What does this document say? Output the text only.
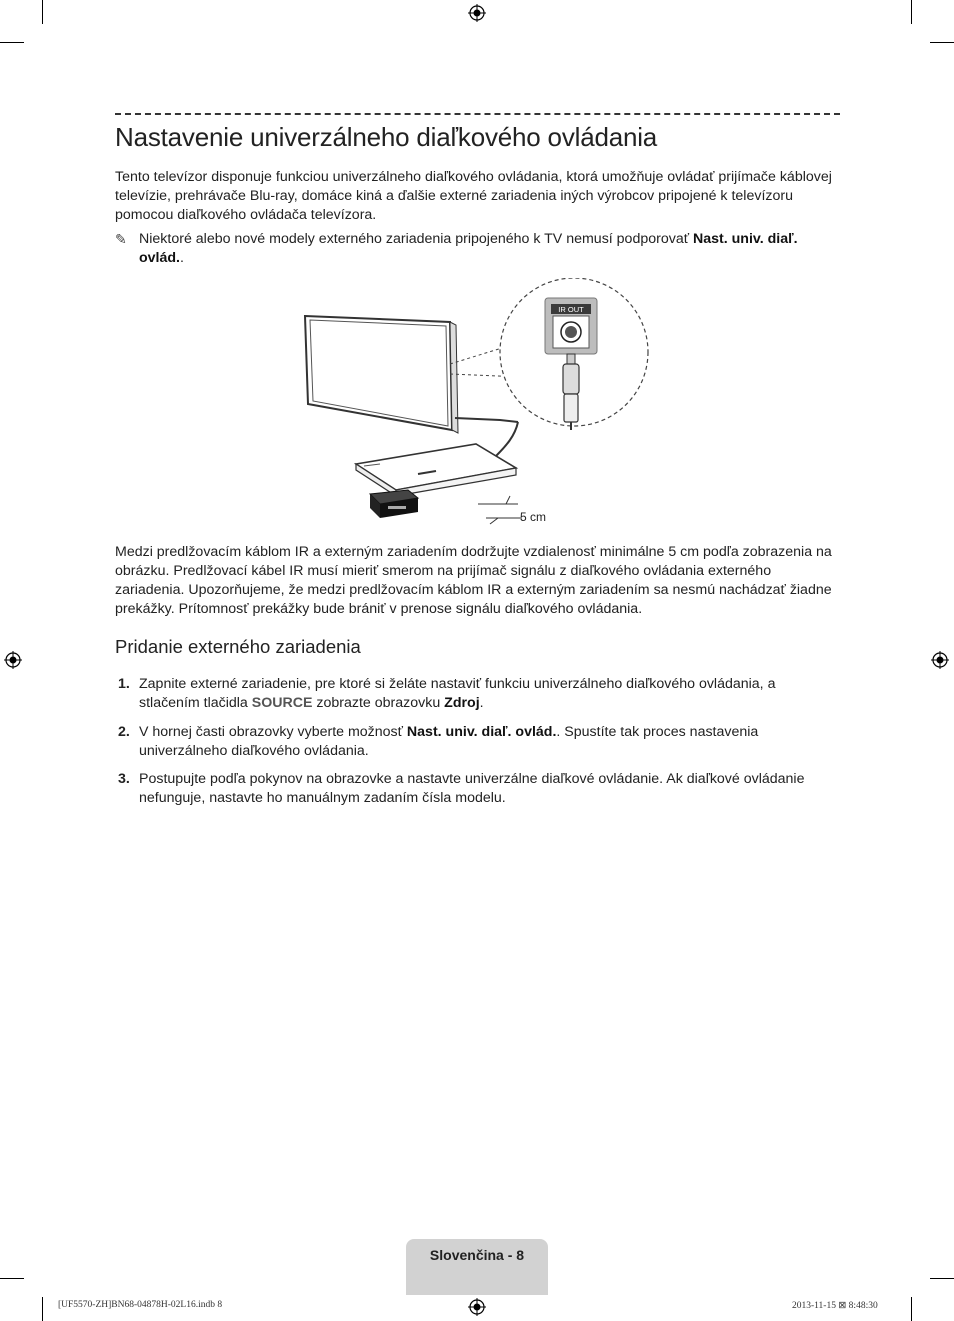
Nastavenie univerzálneho diaľkového ovládania

Tento televízor disponuje funkciou univerzálneho diaľkového ovládania, ktorá umožňuje ovládať prijímače káblovej televízie, prehrávače Blu-ray, domáce kiná a ďalšie externé zariadenia iných výrobcov pripojené k televízoru pomocou diaľkového ovládača televízora.

✎ Niektoré alebo nové modely externého zariadenia pripojeného k TV nemusí podporovať Nast. univ. diaľ. ovlád..
IR OUT
5 cm

Medzi predlžovacím káblom IR a externým zariadením dodržujte vzdialenosť minimálne 5 cm podľa zobrazenia na obrázku. Predlžovací kábel IR musí mieriť smerom na prijímač signálu z diaľkového ovládania externého zariadenia. Upozorňujeme, že medzi predlžovacím káblom IR a externým zariadením sa nesmú nachádzať žiadne prekážky. Prítomnosť prekážky bude brániť v prenose signálu diaľkového ovládania.

Pridanie externého zariadenia
1. Zapnite externé zariadenie, pre ktoré si želáte nastaviť funkciu univerzálneho diaľkového ovládania, a stlačením tlačidla SOURCE zobrazte obrazovku Zdroj.
2. V hornej časti obrazovky vyberte možnosť Nast. univ. diaľ. ovlád.. Spustíte tak proces nastavenia univerzálneho diaľkového ovládania.
3. Postupujte podľa pokynov na obrazovke a nastavte univerzálne diaľkové ovládanie. Ak diaľkové ovládanie nefunguje, nastavte ho manuálnym zadaním čísla modelu.
Slovenčina - 8
[UF5570-ZH]BN68-04878H-02L16.indb 8	2013-11-15 ⊠ 8:48:30
